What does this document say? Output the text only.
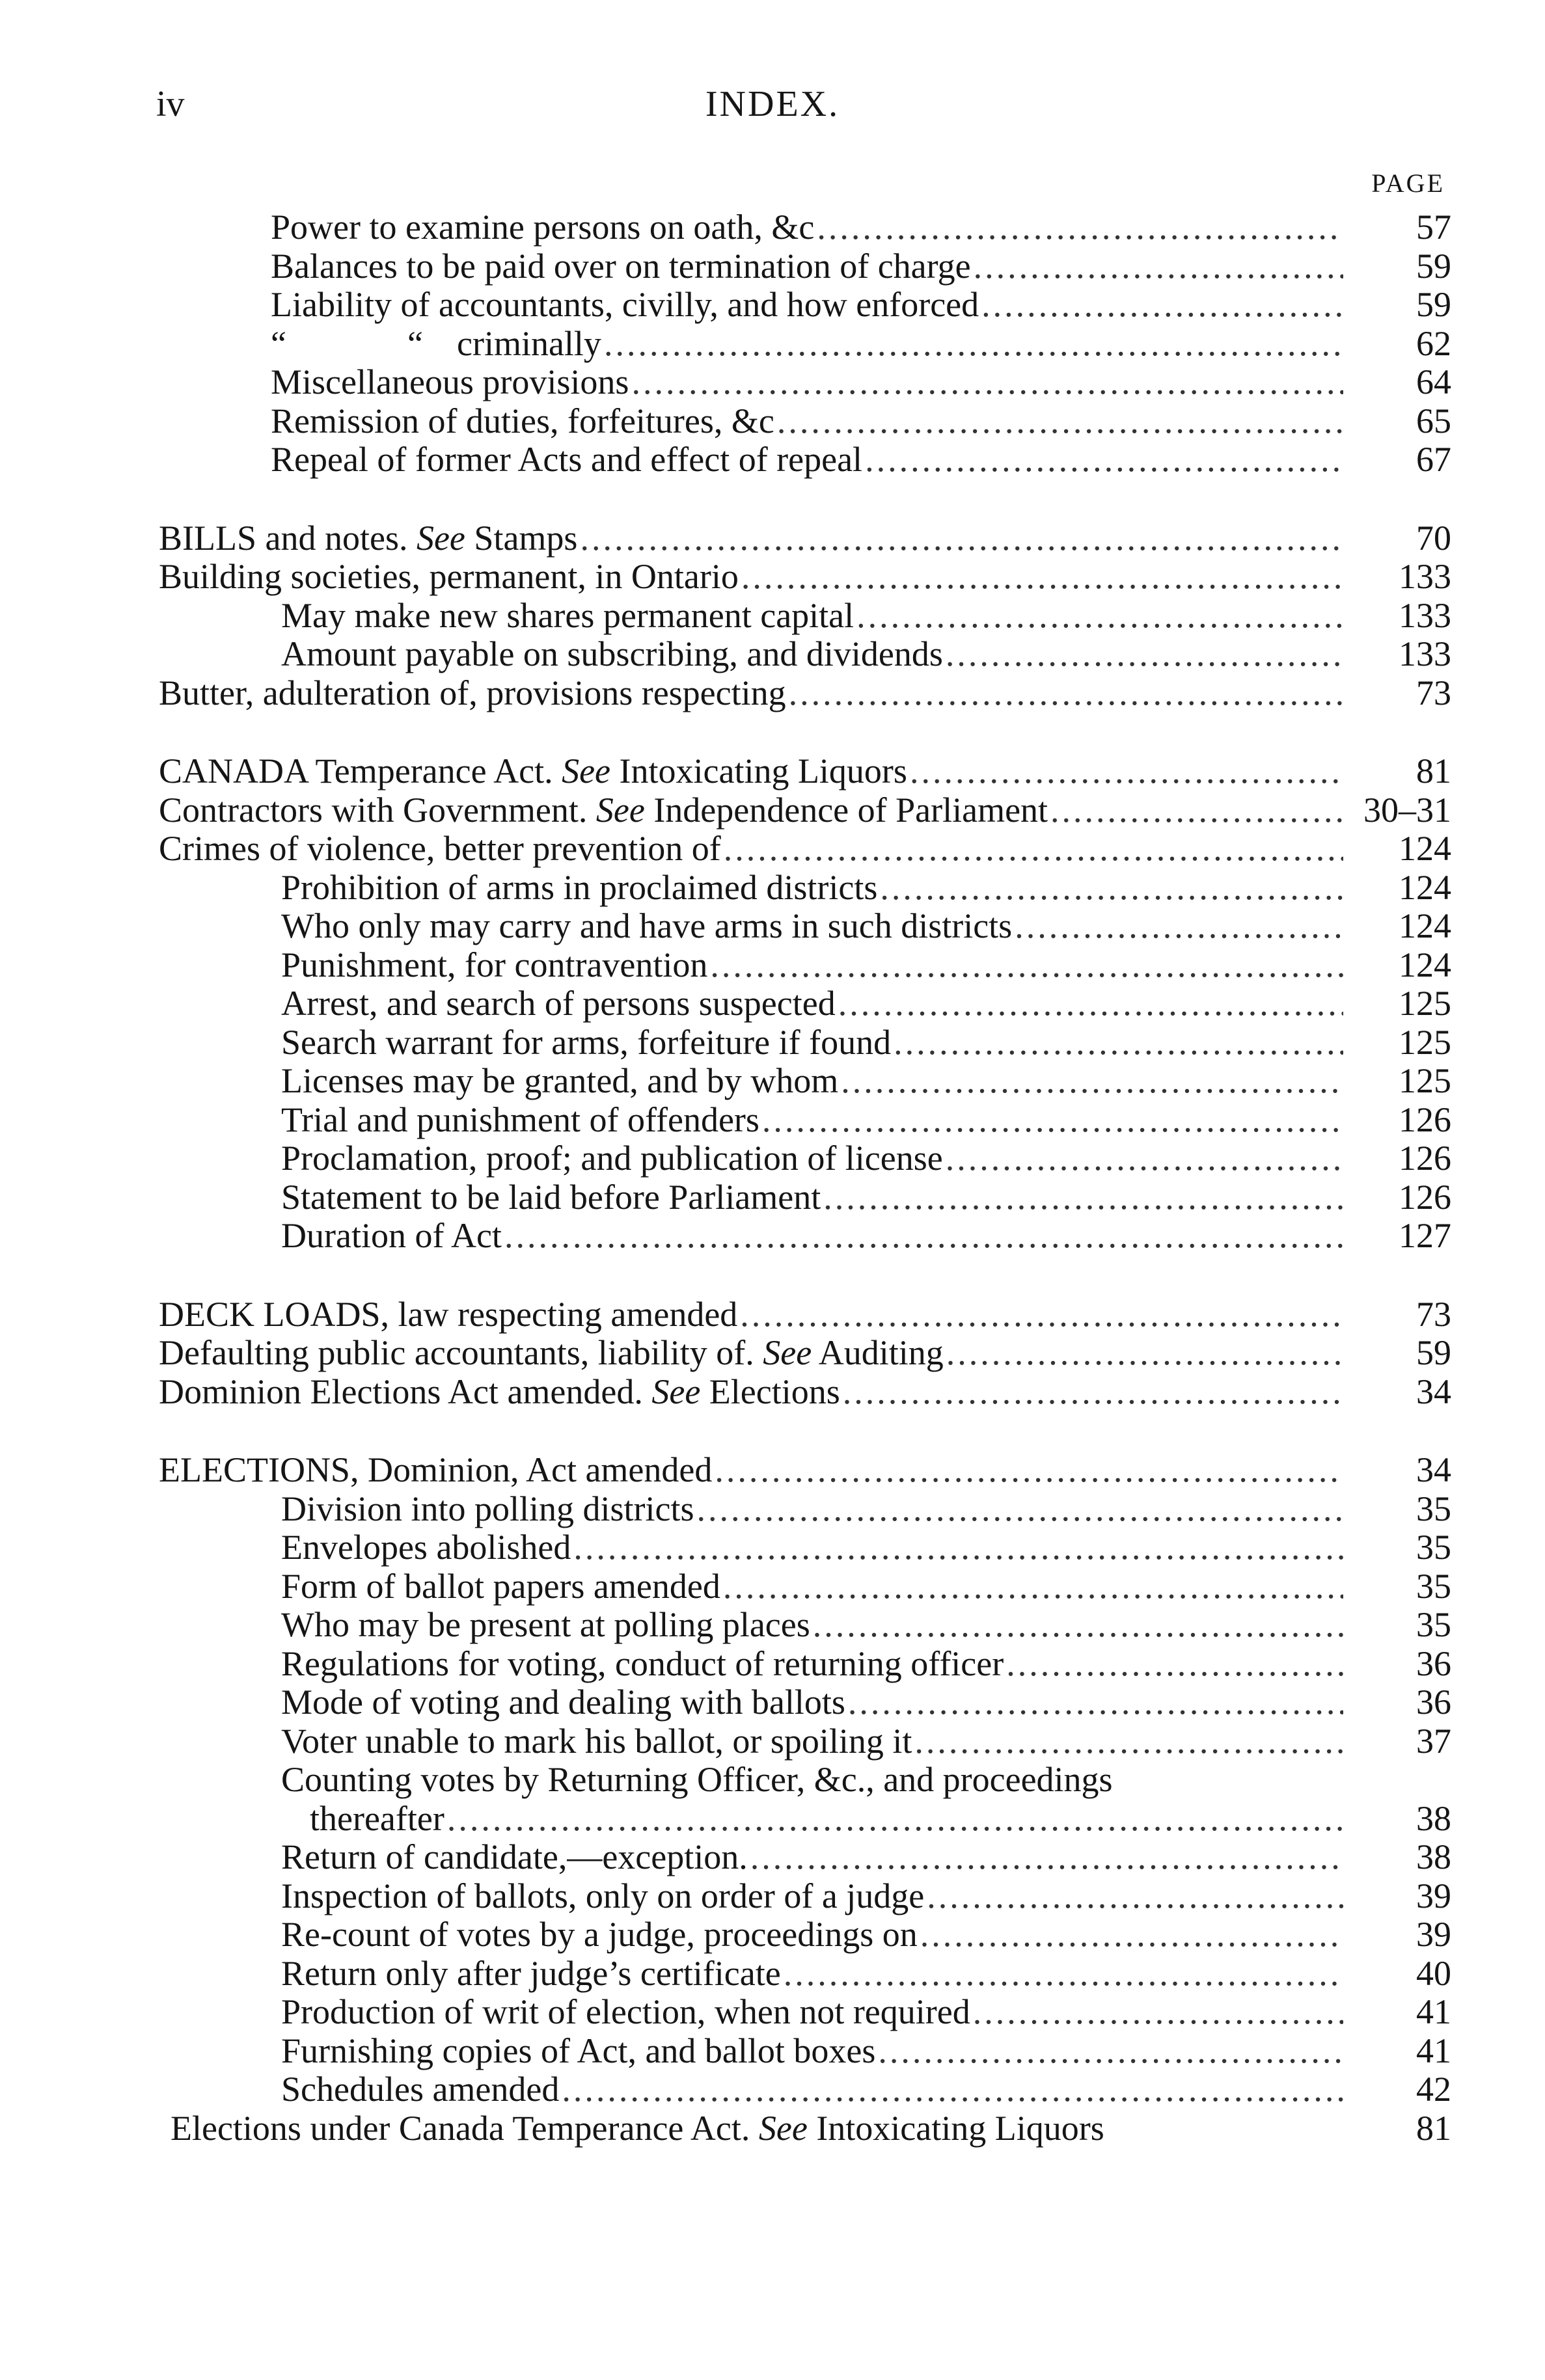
iv	INDEX.
PAGE
Power to examine persons on oath, &c .....	57
Balances to be paid over on termination of charge .....	59
Liability of accountants, civilly, and how enforced .....	59
“	“ criminally .....	62
Miscellaneous provisions .....	64
Remission of duties, forfeitures, &c .....	65
Repeal of former Acts and effect of repeal .....	67
BILLS and notes. See Stamps .....	70
Building societies, permanent, in Ontario .....	133
May make new shares permanent capital .....	133
Amount payable on subscribing, and dividends .....	133
Butter, adulteration of, provisions respecting .....	73
CANADA Temperance Act. See Intoxicating Liquors .....	81
Contractors with Government. See Independence of Parliament .....	30–31
Crimes of violence, better prevention of .....	124
Prohibition of arms in proclaimed districts .....	124
Who only may carry and have arms in such districts .....	124
Punishment, for contravention .....	124
Arrest, and search of persons suspected .....	125
Search warrant for arms, forfeiture if found .....	125
Licenses may be granted, and by whom .....	125
Trial and punishment of offenders .....	126
Proclamation, proof; and publication of license .....	126
Statement to be laid before Parliament .....	126
Duration of Act .....	127
DECK LOADS, law respecting amended .....	73
Defaulting public accountants, liability of. See Auditing .....	59
Dominion Elections Act amended. See Elections .....	34
ELECTIONS, Dominion, Act amended .....	34
Division into polling districts .....	35
Envelopes abolished .....	35
Form of ballot papers amended .....	35
Who may be present at polling places .....	35
Regulations for voting, conduct of returning officer .....	36
Mode of voting and dealing with ballots .....	36
Voter unable to mark his ballot, or spoiling it .....	37
Counting votes by Returning Officer, &c., and proceedings
thereafter .....	38
Return of candidate,—exception. .....	38
Inspection of ballots, only on order of a judge .....	39
Re-count of votes by a judge, proceedings on .....	39
Return only after judge’s certificate .....	40
Production of writ of election, when not required .....	41
Furnishing copies of Act, and ballot boxes .....	41
Schedules amended .....	42
Elections under Canada Temperance Act. See Intoxicating Liquors	81
